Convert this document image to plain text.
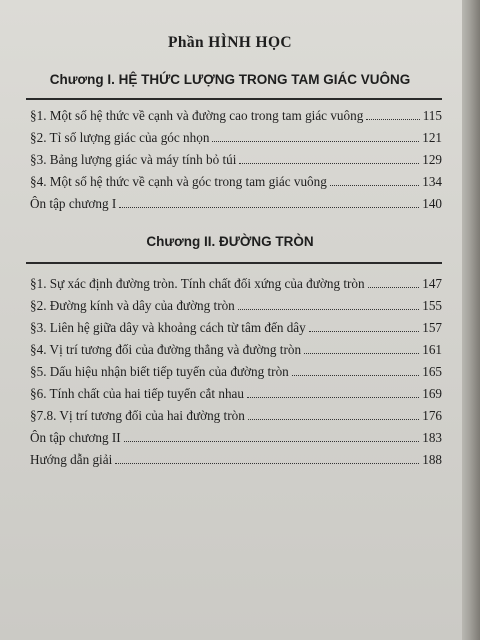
Phần HÌNH HỌC
Chương I. HỆ THỨC LƯỢNG TRONG TAM GIÁC VUÔNG
§1. Một số hệ thức về cạnh và đường cao trong tam giác vuông	115
§2. Tỉ số lượng giác của góc nhọn	121
§3. Bảng lượng giác và máy tính bỏ túi	129
§4. Một số hệ thức về cạnh và góc trong tam giác vuông	134
Ôn tập chương I	140
Chương II. ĐƯỜNG TRÒN
§1. Sự xác định đường tròn. Tính chất đối xứng của đường tròn	147
§2. Đường kính và dây của đường tròn	155
§3. Liên hệ giữa dây và khoảng cách từ tâm đến dây	157
§4. Vị trí tương đối của đường thẳng và đường tròn	161
§5. Dấu hiệu nhận biết tiếp tuyến của đường tròn	165
§6. Tính chất của hai tiếp tuyến cắt nhau	169
§7.8. Vị trí tương đối của hai đường tròn	176
Ôn tập chương II	183
Hướng dẫn giải	188
